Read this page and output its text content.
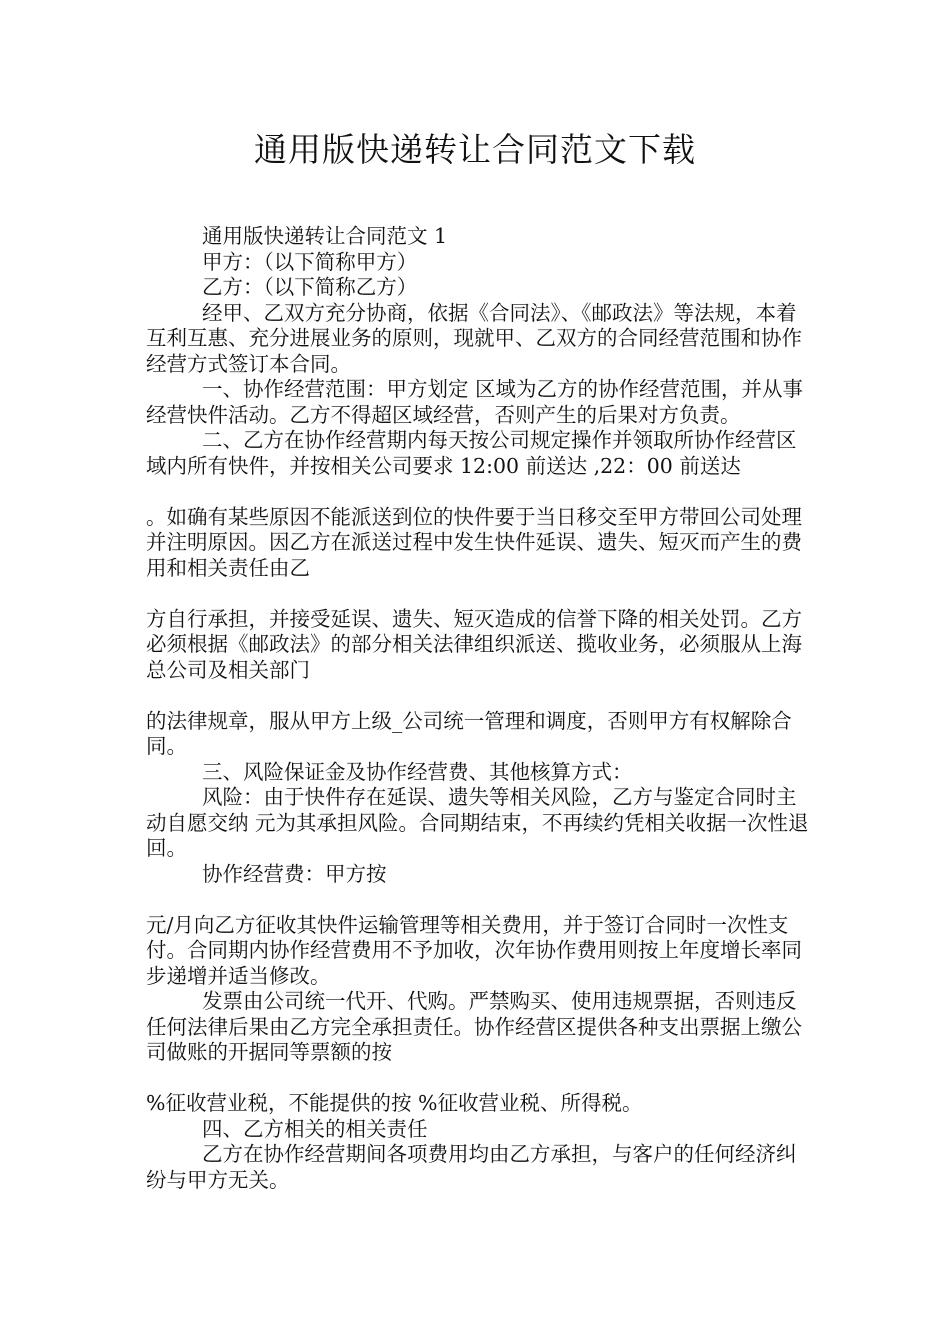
通用版快递转让合同范文下载

通用版快递转让合同范文 1

甲方：（以下简称甲方）

乙方：（以下简称乙方）

经甲、乙双方充分协商，依据《合同法》、《邮政法》等法规，本着互利互惠、充分进展业务的原则，现就甲、乙双方的合同经营范围和协作经营方式签订本合同。

一、协作经营范围：甲方划定 区域为乙方的协作经营范围，并从事经营快件活动。乙方不得超区域经营，否则产生的后果对方负责。

二、乙方在协作经营期内每天按公司规定操作并领取所协作经营区域内所有快件，并按相关公司要求 12:00 前送达 ,22：00 前送达

。如确有某些原因不能派送到位的快件要于当日移交至甲方带回公司处理并注明原因。因乙方在派送过程中发生快件延误、遗失、短灭而产生的费用和相关责任由乙

方自行承担，并接受延误、遗失、短灭造成的信誉下降的相关处罚。乙方必须根据《邮政法》的部分相关法律组织派送、揽收业务，必须服从上海 总公司及相关部门

的法律规章，服从甲方上级_公司统一管理和调度，否则甲方有权解除合同。

三、风险保证金及协作经营费、其他核算方式：

风险：由于快件存在延误、遗失等相关风险，乙方与鉴定合同时主动自愿交纳 元为其承担风险。合同期结束，不再续约凭相关收据一次性退回。

协作经营费：甲方按

元/月向乙方征收其快件运输管理等相关费用，并于签订合同时一次性支付。合同期内协作经营费用不予加收，次年协作费用则按上年度增长率同步递增并适当修改。

发票由公司统一代开、代购。严禁购买、使用违规票据，否则违反任何法律后果由乙方完全承担责任。协作经营区提供各种支出票据上缴公司做账的开据同等票额的按

%征收营业税，不能提供的按 %征收营业税、所得税。

四、乙方相关的相关责任

乙方在协作经营期间各项费用均由乙方承担，与客户的任何经济纠纷与甲方无关。
